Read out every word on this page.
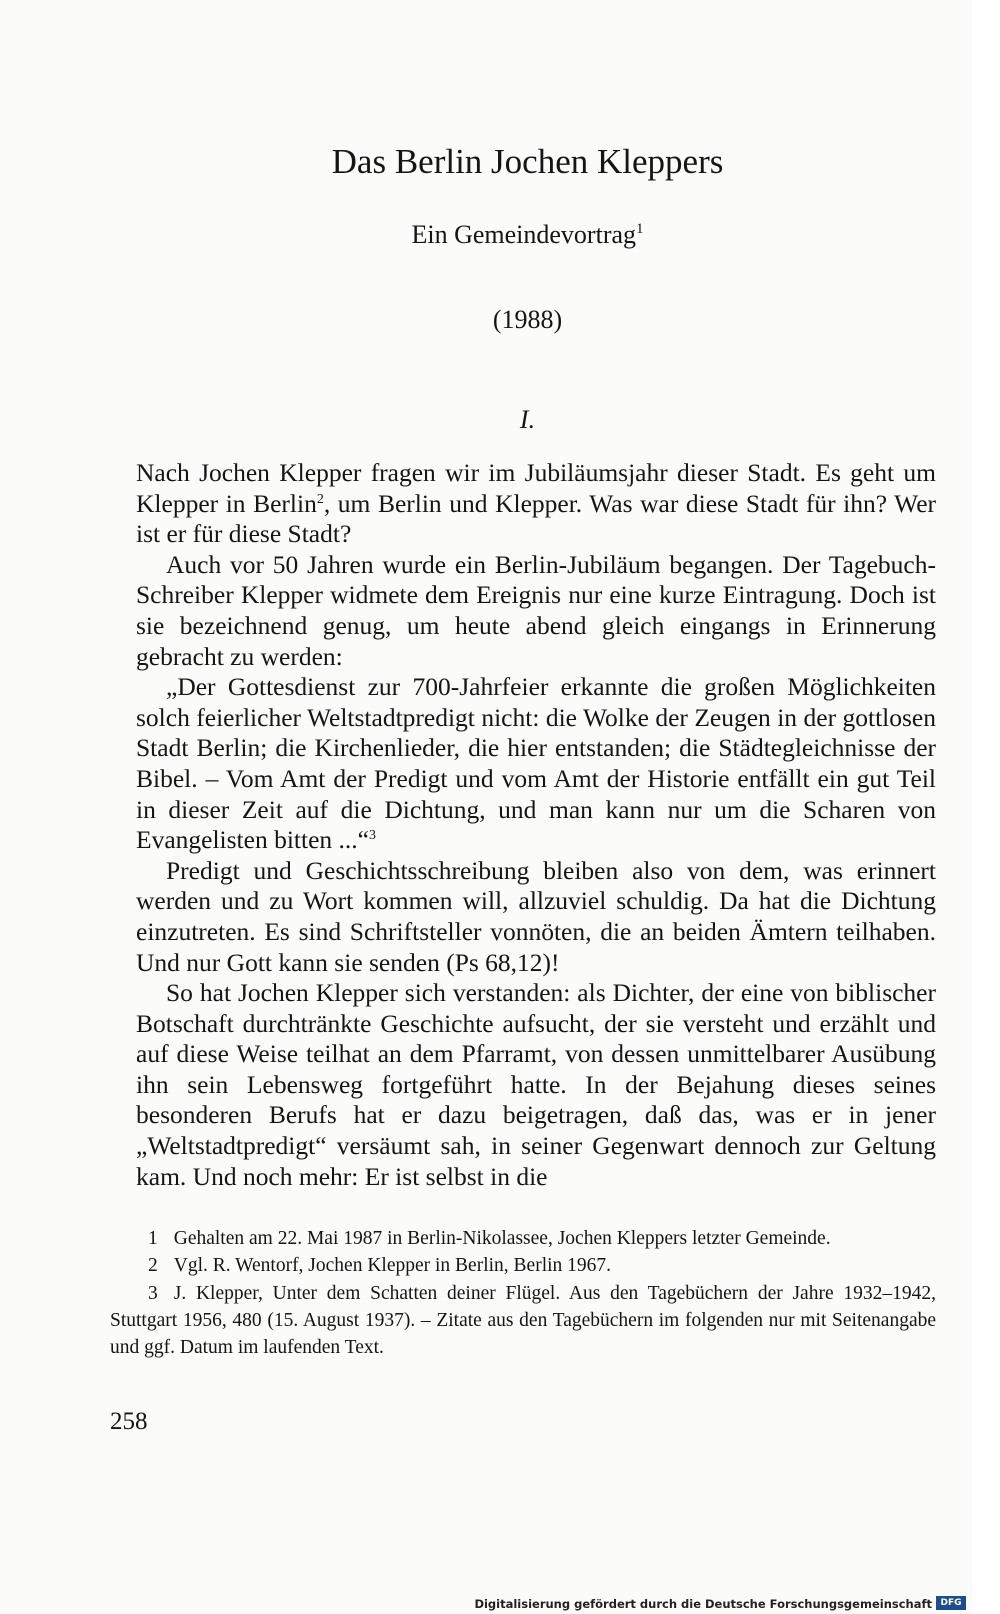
Das Berlin Jochen Kleppers
Ein Gemeindevortrag$^1$
(1988)
I.

Nach Jochen Klepper fragen wir im Jubiläumsjahr dieser Stadt. Es geht um Klepper in Berlin$^2$, um Berlin und Klepper. Was war diese Stadt für ihn? Wer ist er für diese Stadt?

Auch vor 50 Jahren wurde ein Berlin-Jubiläum begangen. Der Tagebuch-Schreiber Klepper widmete dem Ereignis nur eine kurze Eintragung. Doch ist sie bezeichnend genug, um heute abend gleich eingangs in Erinnerung gebracht zu werden:

„Der Gottesdienst zur 700-Jahrfeier erkannte die großen Möglichkeiten solch feierlicher Weltstadtpredigt nicht: die Wolke der Zeugen in der gottlosen Stadt Berlin; die Kirchenlieder, die hier entstanden; die Städtegleichnisse der Bibel. – Vom Amt der Predigt und vom Amt der Historie entfällt ein gut Teil in dieser Zeit auf die Dichtung, und man kann nur um die Scharen von Evangelisten bitten ...“$^3$

Predigt und Geschichtsschreibung bleiben also von dem, was erinnert werden und zu Wort kommen will, allzuviel schuldig. Da hat die Dichtung einzutreten. Es sind Schriftsteller vonnöten, die an beiden Ämtern teilhaben. Und nur Gott kann sie senden (Ps 68,12)!

So hat Jochen Klepper sich verstanden: als Dichter, der eine von biblischer Botschaft durchtränkte Geschichte aufsucht, der sie versteht und erzählt und auf diese Weise teilhat an dem Pfarramt, von dessen unmittelbarer Ausübung ihn sein Lebensweg fortgeführt hatte. In der Bejahung dieses seines besonderen Berufs hat er dazu beigetragen, daß das, was er in jener „Weltstadtpredigt“ versäumt sah, in seiner Gegenwart dennoch zur Geltung kam. Und noch mehr: Er ist selbst in die

1 Gehalten am 22. Mai 1987 in Berlin-Nikolassee, Jochen Kleppers letzter Gemeinde.

2 Vgl. R. Wentorf, Jochen Klepper in Berlin, Berlin 1967.

3 J. Klepper, Unter dem Schatten deiner Flügel. Aus den Tagebüchern der Jahre 1932–1942, Stuttgart 1956, 480 (15. August 1937). – Zitate aus den Tagebüchern im folgenden nur mit Seitenangabe und ggf. Datum im laufenden Text.

258
Digitalisierung gefördert durch die Deutsche Forschungsgemeinschaft DFG
